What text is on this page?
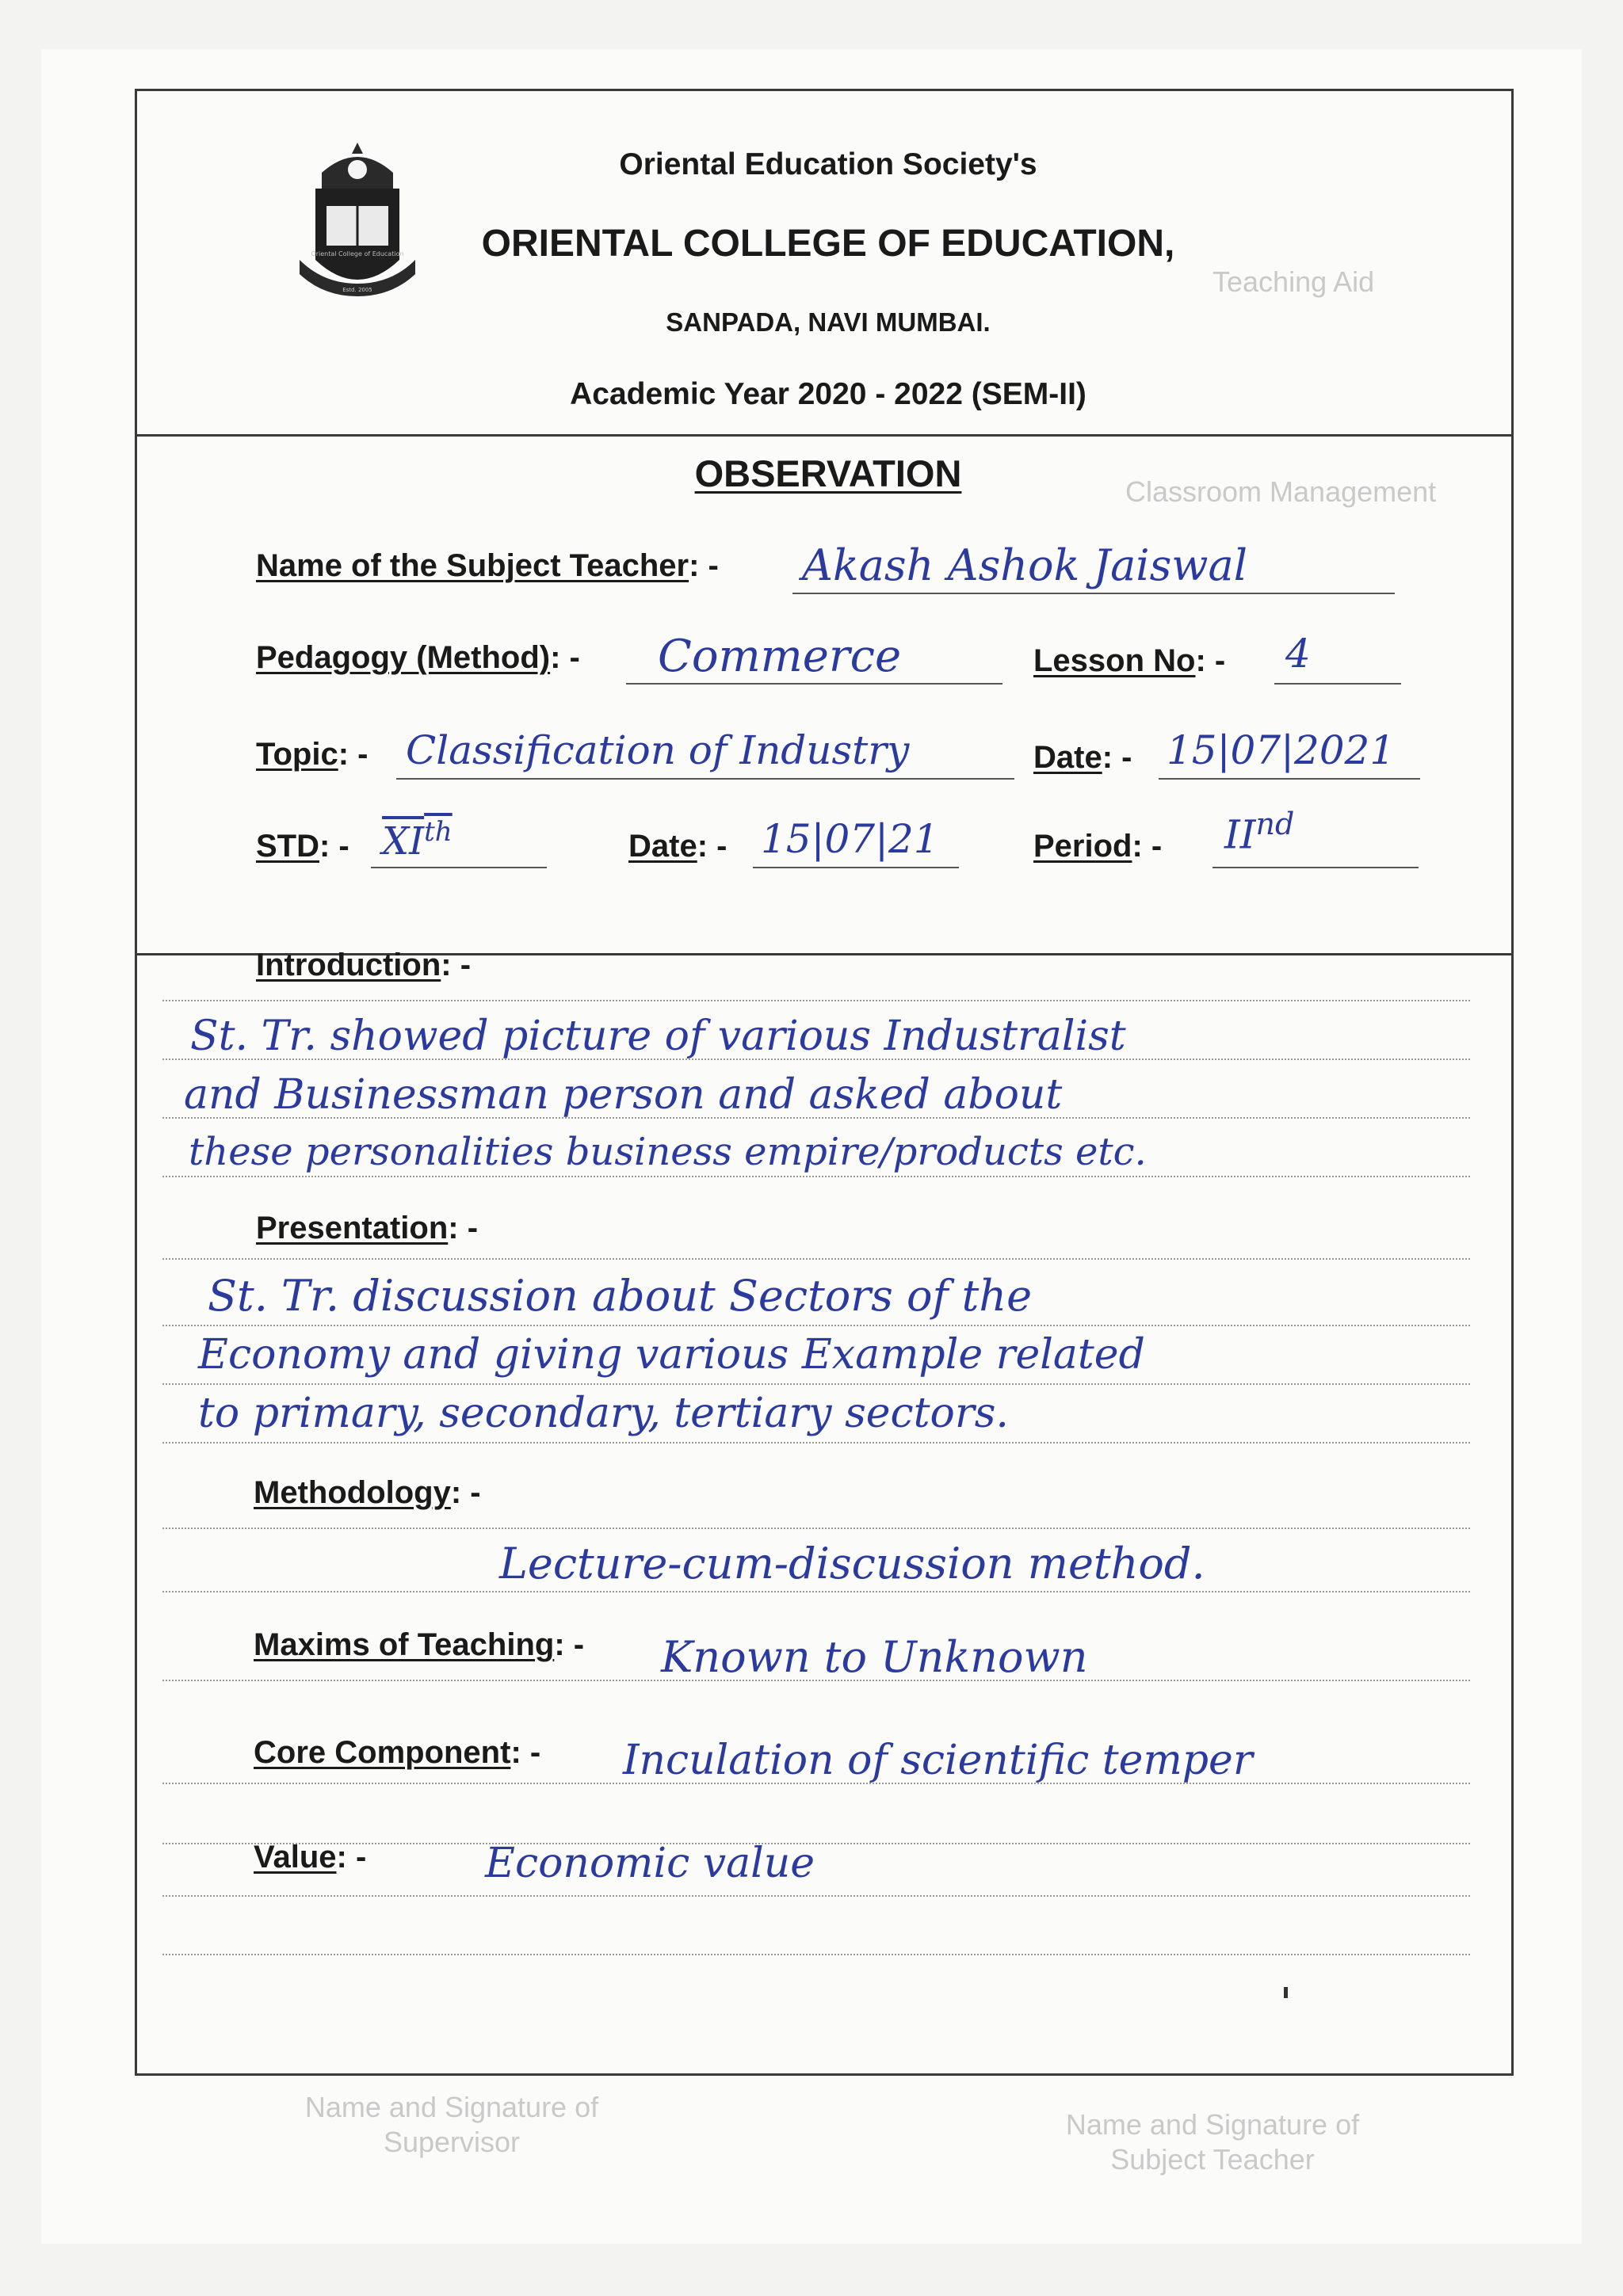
Teaching Aid
Classroom Management
Name and Signature of Supervisor
Name and Signature of Subject Teacher
Oriental College of Education
Estd. 2005
Oriental Education Society's
ORIENTAL COLLEGE OF EDUCATION,
SANPADA, NAVI MUMBAI.
Academic Year 2020 - 2022 (SEM-II)
OBSERVATION
Name of the Subject Teacher: - Akash Ashok Jaiswal
Pedagogy (Method): - Commerce	Lesson No: - 4
Topic: - Classification of Industry	Date: - 15|07|2021
STD: - XIth	Date: - 15|07|21	Period: - IInd
Introduction: -
St. Tr. showed picture of various Industralist
and Businessman person and asked about
these personalities business empire/products etc.
Presentation: -
St. Tr. discussion about Sectors of the
Economy and giving various Example related
to primary, secondary, tertiary sectors.
Methodology: -
Lecture-cum-discussion method.
Maxims of Teaching: - Known to Unknown
Core Component: - Inculation of scientific temper
Value: -	Economic value
